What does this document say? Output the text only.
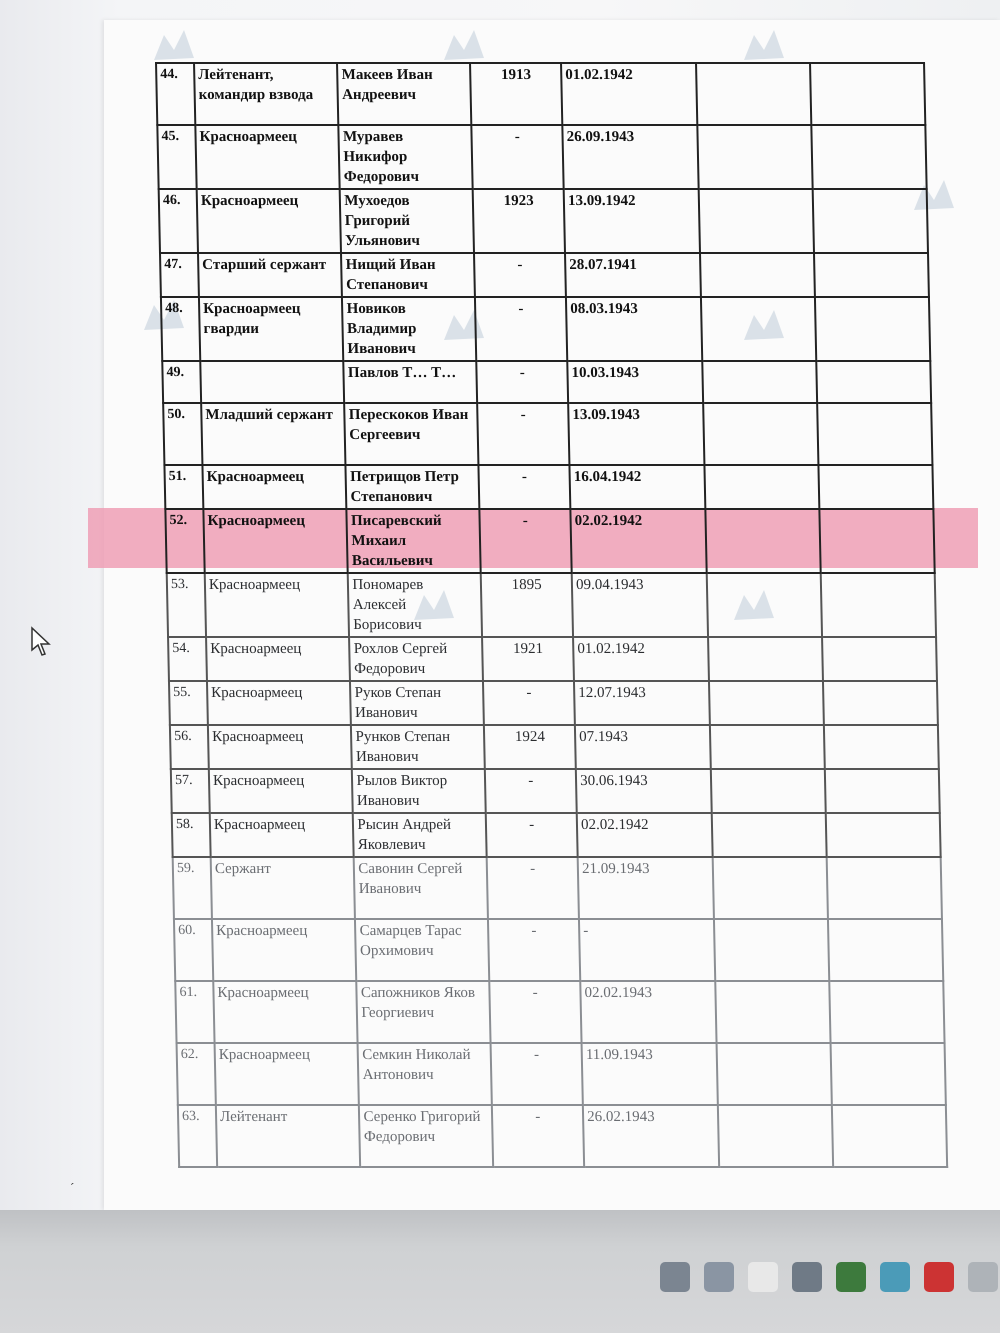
44.	Лейтенант, командир взвода	Макеев Иван Андреевич	1913	01.02.1942		
45.	Красноармеец	Муравев Никифор Федорович	-	26.09.1943		
46.	Красноармеец	Мухоедов Григорий Ульянович	1923	13.09.1942		
47.	Старший сержант	Нищий Иван Степанович	-	28.07.1941		
48.	Красноармеец гвардии	Новиков Владимир Иванович	-	08.03.1943		
49.		Павлов Т… Т…	-	10.03.1943		
50.	Младший сержант	Перескоков Иван Сергеевич	-	13.09.1943		
51.	Красноармеец	Петрищов Петр Степанович	-	16.04.1942		
52.	Красноармеец	Писаревский Михаил Васильевич	-	02.02.1942		
53.	Красноармеец	Пономарев Алексей Борисович	1895	09.04.1943		
54.	Красноармеец	Рохлов Сергей Федорович	1921	01.02.1942		
55.	Красноармеец	Руков Степан Иванович	-	12.07.1943		
56.	Красноармеец	Рунков Степан Иванович	1924	07.1943		
57.	Красноармеец	Рылов Виктор Иванович	-	30.06.1943		
58.	Красноармеец	Рысин Андрей Яковлевич	-	02.02.1942		
59.	Сержант	Савонин Сергей Иванович	-	21.09.1943		
60.	Красноармеец	Самарцев Тарас Орхимович	-	-		
61.	Красноармеец	Сапожников Яков Георгиевич	-	02.02.1943		
62.	Красноармеец	Семкин Николай Антонович	-	11.09.1943		
63.	Лейтенант	Серенко Григорий Федорович	-	26.02.1943		
ˊ
